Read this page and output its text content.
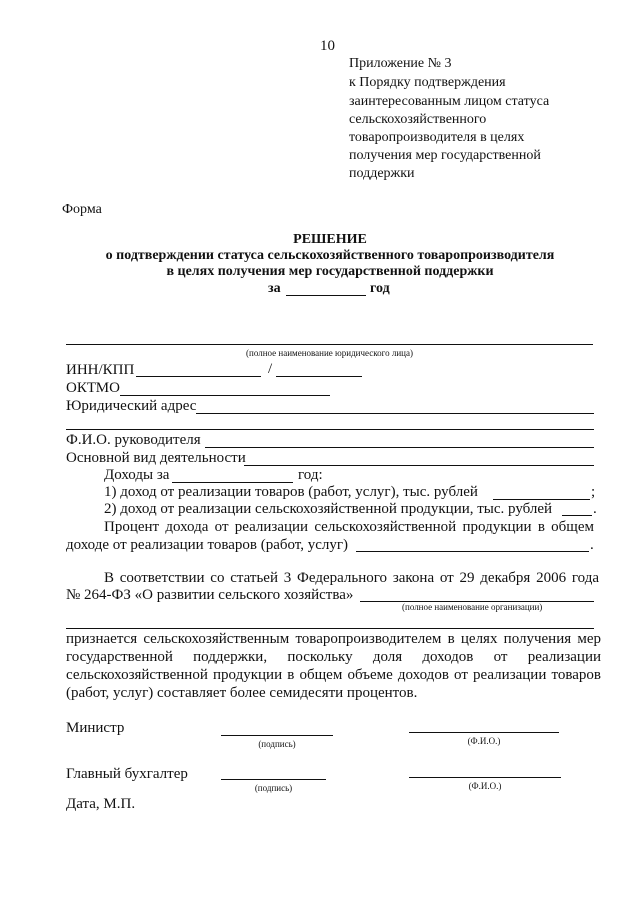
10
Приложение № 3
к Порядку подтверждения
заинтересованным лицом статуса
сельскохозяйственного
товаропроизводителя в целях
получения мер государственной
поддержки
Форма
РЕШЕНИЕ
о подтверждении статуса сельскохозяйственного товаропроизводителя
в целях получения мер государственной поддержки
за	год
(полное наименование юридического лица)
ИНН/КПП	/
ОКТМО
Юридический адрес
Ф.И.О. руководителя
Основной вид деятельности
Доходы за	год:
1) доход от реализации товаров (работ, услуг), тыс. рублей	;
2) доход от реализации сельскохозяйственной продукции, тыс. рублей	.
Процент дохода от реализации сельскохозяйственной продукции в общем
доходе от реализации товаров (работ, услуг)	.
В соответствии со статьей 3 Федерального закона от 29 декабря 2006 года
№ 264-ФЗ «О развитии сельского хозяйства»
(полное наименование организации)
признается сельскохозяйственным товаропроизводителем в целях получения мер
государственной поддержки, поскольку доля доходов от реализации
сельскохозяйственной продукции в общем объеме доходов от реализации товаров
(работ, услуг) составляет более семидесяти процентов.
Министр
(подпись)	(Ф.И.О.)
Главный бухгалтер
(подпись)	(Ф.И.О.)
Дата, М.П.
